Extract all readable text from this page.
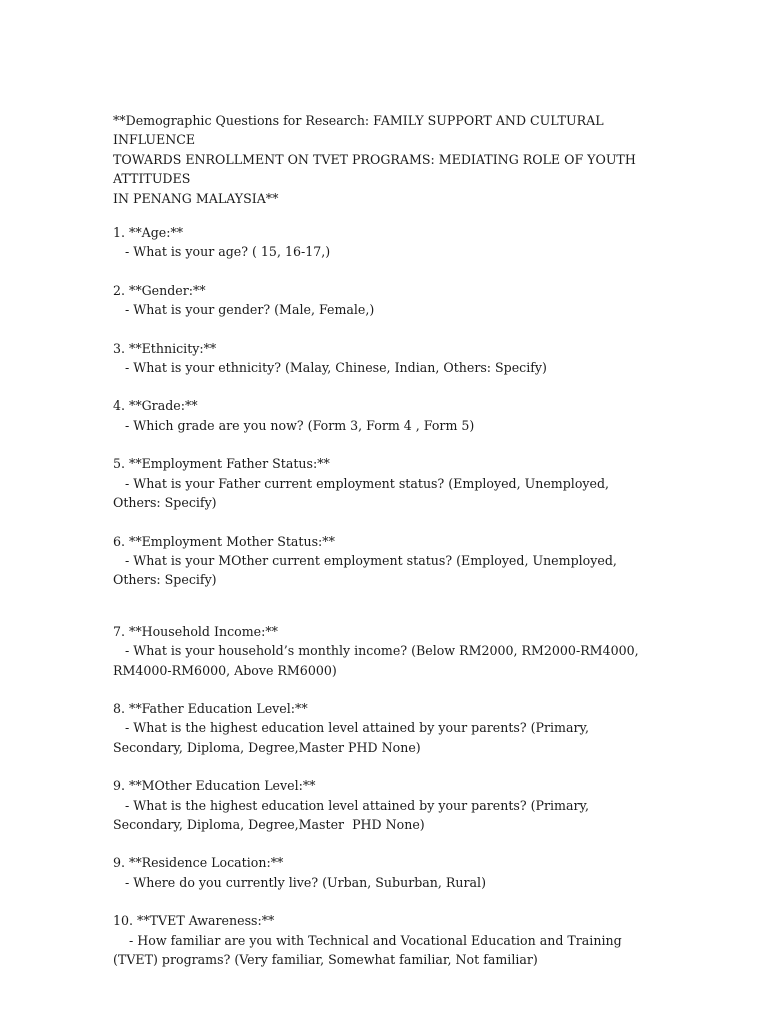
**Demographic Questions for Research: FAMILY SUPPORT AND CULTURAL INFLUENCE
TOWARDS ENROLLMENT ON TVET PROGRAMS: MEDIATING ROLE OF YOUTH ATTITUDES
IN PENANG MALAYSIA**

1. **Age:**
- What is your age? ( 15, 16-17,)
2. **Gender:**
- What is your gender? (Male, Female,)
3. **Ethnicity:**
- What is your ethnicity? (Malay, Chinese, Indian, Others: Specify)
4. **Grade:**
- Which grade are you now? (Form 3, Form 4 , Form 5)
5. **Employment Father Status:**
- What is your Father current employment status? (Employed, Unemployed, Others: Specify)
6. **Employment Mother Status:**
- What is your MOther current employment status? (Employed, Unemployed, Others: Specify)
7. **Household Income:**
- What is your household’s monthly income? (Below RM2000, RM2000-RM4000, RM4000-RM6000, Above RM6000)
8. **Father Education Level:**
- What is the highest education level attained by your parents? (Primary, Secondary, Diploma, Degree,Master PHD None)
9. **MOther Education Level:**
- What is the highest education level attained by your parents? (Primary, Secondary, Diploma, Degree,Master  PHD None)
9. **Residence Location:**
- Where do you currently live? (Urban, Suburban, Rural)
10. **TVET Awareness:**
- How familiar are you with Technical and Vocational Education and Training (TVET) programs? (Very familiar, Somewhat familiar, Not familiar)
